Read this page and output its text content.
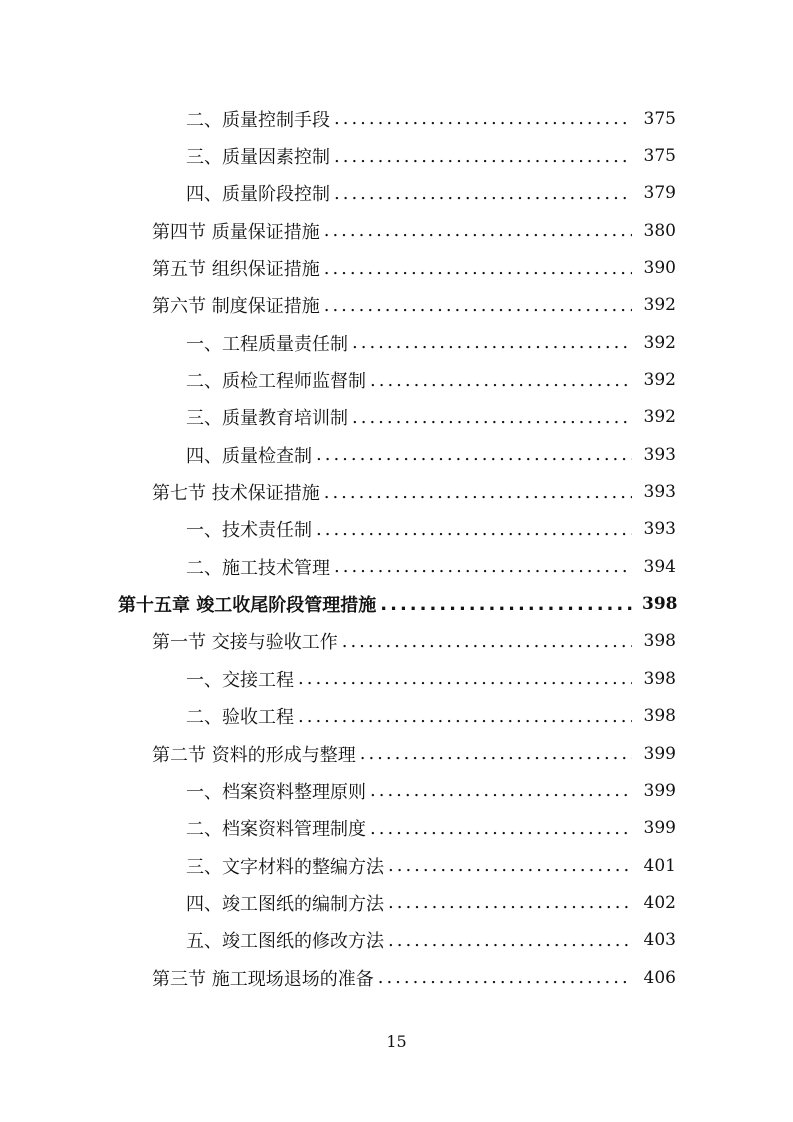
二、质量控制手段 .....	375
三、质量因素控制 .....	375
四、质量阶段控制 .....	379
第四节 质量保证措施 .....	380
第五节 组织保证措施 .....	390
第六节 制度保证措施 .....	392
一、工程质量责任制 .....	392
二、质检工程师监督制 .....	392
三、质量教育培训制 .....	392
四、质量检查制 .....	393
第七节 技术保证措施 .....	393
一、技术责任制 .....	393
二、施工技术管理 .....	394
第十五章 竣工收尾阶段管理措施 .....	398
第一节 交接与验收工作 .....	398
一、交接工程 .....	398
二、验收工程 .....	398
第二节 资料的形成与整理 .....	399
一、档案资料整理原则 .....	399
二、档案资料管理制度 .....	399
三、文字材料的整编方法 .....	401
四、竣工图纸的编制方法 .....	402
五、竣工图纸的修改方法 .....	403
第三节 施工现场退场的准备 .....	406
15
